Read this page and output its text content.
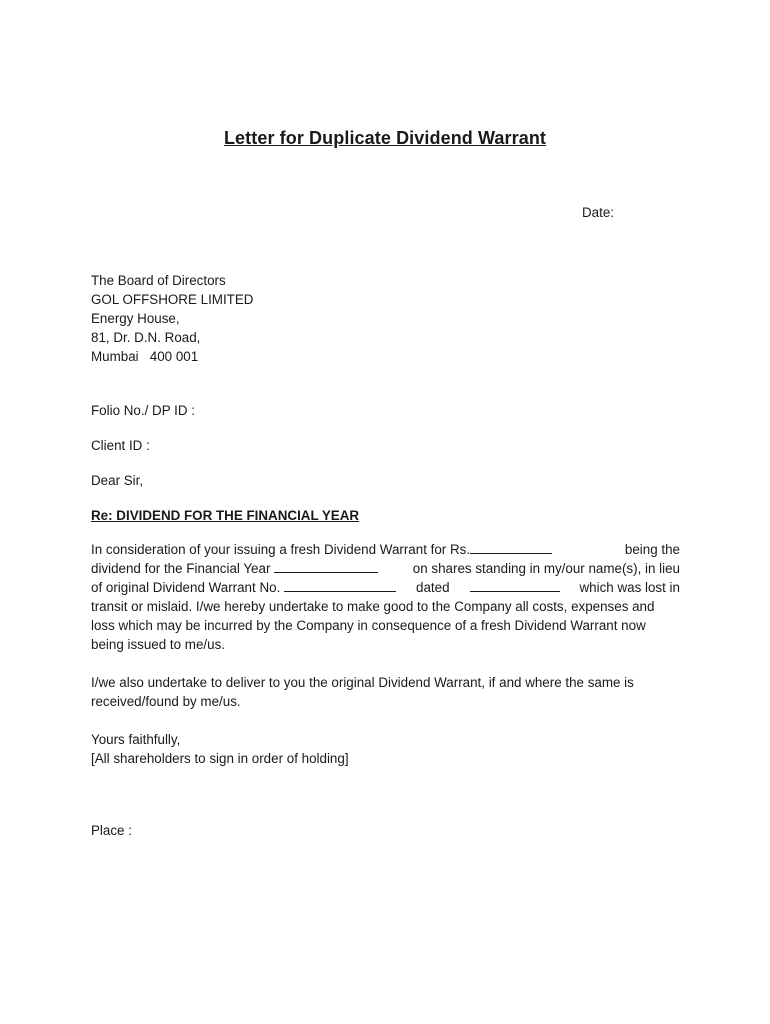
Letter for Duplicate Dividend Warrant
Date:
The Board of Directors
GOL OFFSHORE LIMITED
Energy House,
81, Dr. D.N. Road,
Mumbai   400 001
Folio No./ DP ID :
Client ID :
Dear Sir,
Re: DIVIDEND FOR THE FINANCIAL YEAR
In consideration of your issuing a fresh Dividend Warrant for Rs.	being the
dividend for the Financial Year	on shares standing in my/our name(s), in lieu
of original Dividend Warrant No.	dated	which was lost in
transit or mislaid. I/we hereby undertake to make good to the Company all costs, expenses and
loss which may be incurred by the Company in consequence of a fresh Dividend Warrant now
being issued to me/us.
I/we also undertake to deliver to you the original Dividend Warrant, if and where the same is
received/found by me/us.
Yours faithfully,
[All shareholders to sign in order of holding]
Place :
